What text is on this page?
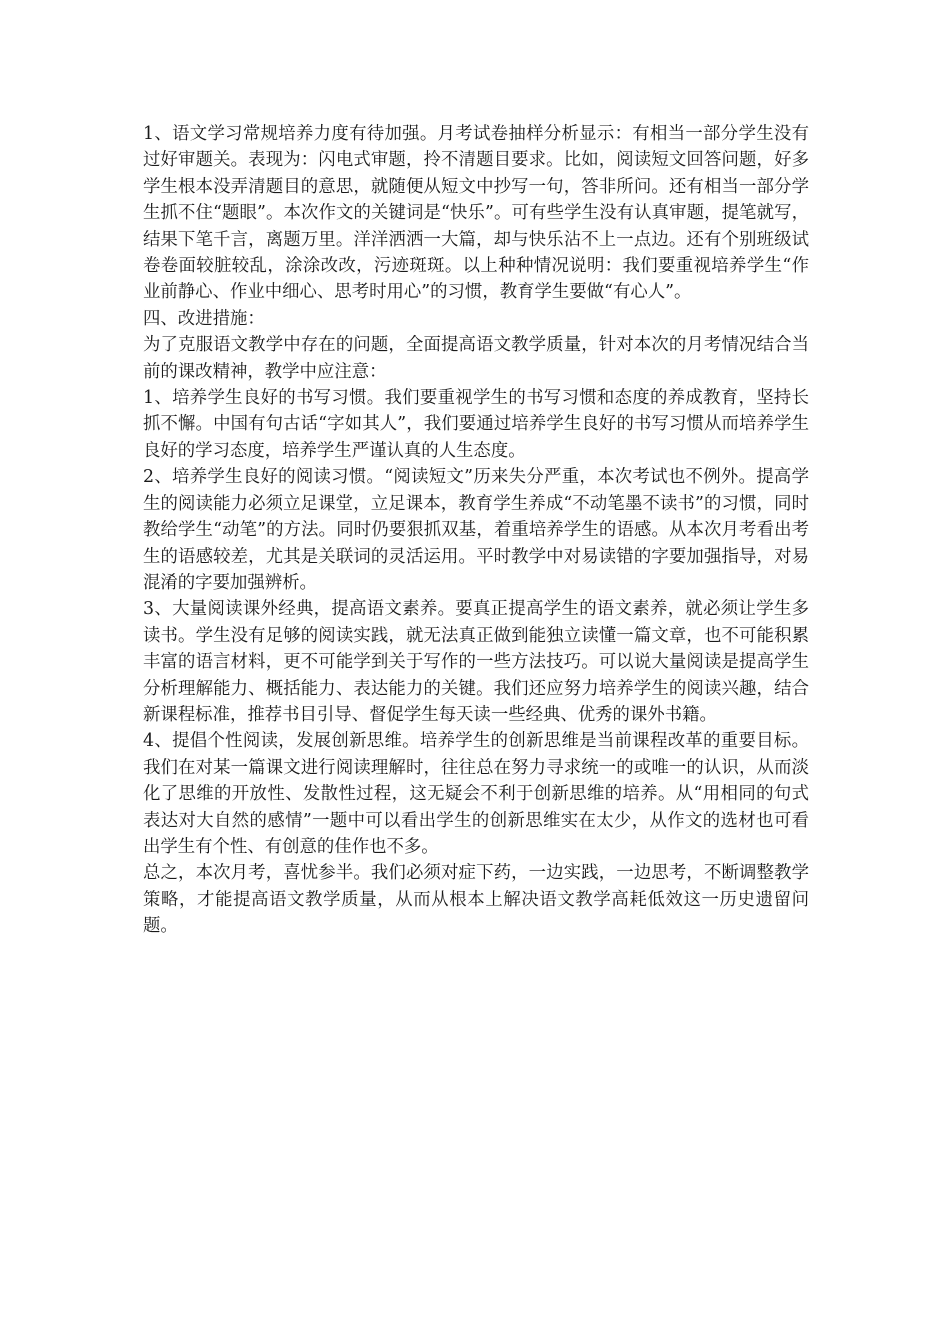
1、语文学习常规培养力度有待加强。月考试卷抽样分析显示：有相当一部分学生没有过好审题关。表现为：闪电式审题，拎不清题目要求。比如，阅读短文回答问题，好多学生根本没弄清题目的意思，就随便从短文中抄写一句，答非所问。还有相当一部分学生抓不住“题眼”。本次作文的关键词是“快乐”。可有些学生没有认真审题，提笔就写，结果下笔千言，离题万里。洋洋洒洒一大篇，却与快乐沾不上一点边。还有个别班级试卷卷面较脏较乱，涂涂改改，污迹斑斑。以上种种情况说明：我们要重视培养学生“作业前静心、作业中细心、思考时用心”的习惯，教育学生要做“有心人”。

四、改进措施：

为了克服语文教学中存在的问题，全面提高语文教学质量，针对本次的月考情况结合当前的课改精神，教学中应注意：

1、培养学生良好的书写习惯。我们要重视学生的书写习惯和态度的养成教育，坚持长抓不懈。中国有句古话“字如其人”，我们要通过培养学生良好的书写习惯从而培养学生良好的学习态度，培养学生严谨认真的人生态度。

2、培养学生良好的阅读习惯。“阅读短文”历来失分严重，本次考试也不例外。提高学生的阅读能力必须立足课堂，立足课本，教育学生养成“不动笔墨不读书”的习惯，同时教给学生“动笔”的方法。同时仍要狠抓双基，着重培养学生的语感。从本次月考看出考生的语感较差，尤其是关联词的灵活运用。平时教学中对易读错的字要加强指导，对易混淆的字要加强辨析。

3、大量阅读课外经典，提高语文素养。要真正提高学生的语文素养，就必须让学生多读书。学生没有足够的阅读实践，就无法真正做到能独立读懂一篇文章，也不可能积累丰富的语言材料，更不可能学到关于写作的一些方法技巧。可以说大量阅读是提高学生分析理解能力、概括能力、表达能力的关键。我们还应努力培养学生的阅读兴趣，结合新课程标准，推荐书目引导、督促学生每天读一些经典、优秀的课外书籍。

4、提倡个性阅读，发展创新思维。培养学生的创新思维是当前课程改革的重要目标。我们在对某一篇课文进行阅读理解时，往往总在努力寻求统一的或唯一的认识，从而淡化了思维的开放性、发散性过程，这无疑会不利于创新思维的培养。从“用相同的句式表达对大自然的感情”一题中可以看出学生的创新思维实在太少，从作文的选材也可看出学生有个性、有创意的佳作也不多。

总之，本次月考，喜忧参半。我们必须对症下药，一边实践，一边思考，不断调整教学策略，才能提高语文教学质量，从而从根本上解决语文教学高耗低效这一历史遗留问题。
